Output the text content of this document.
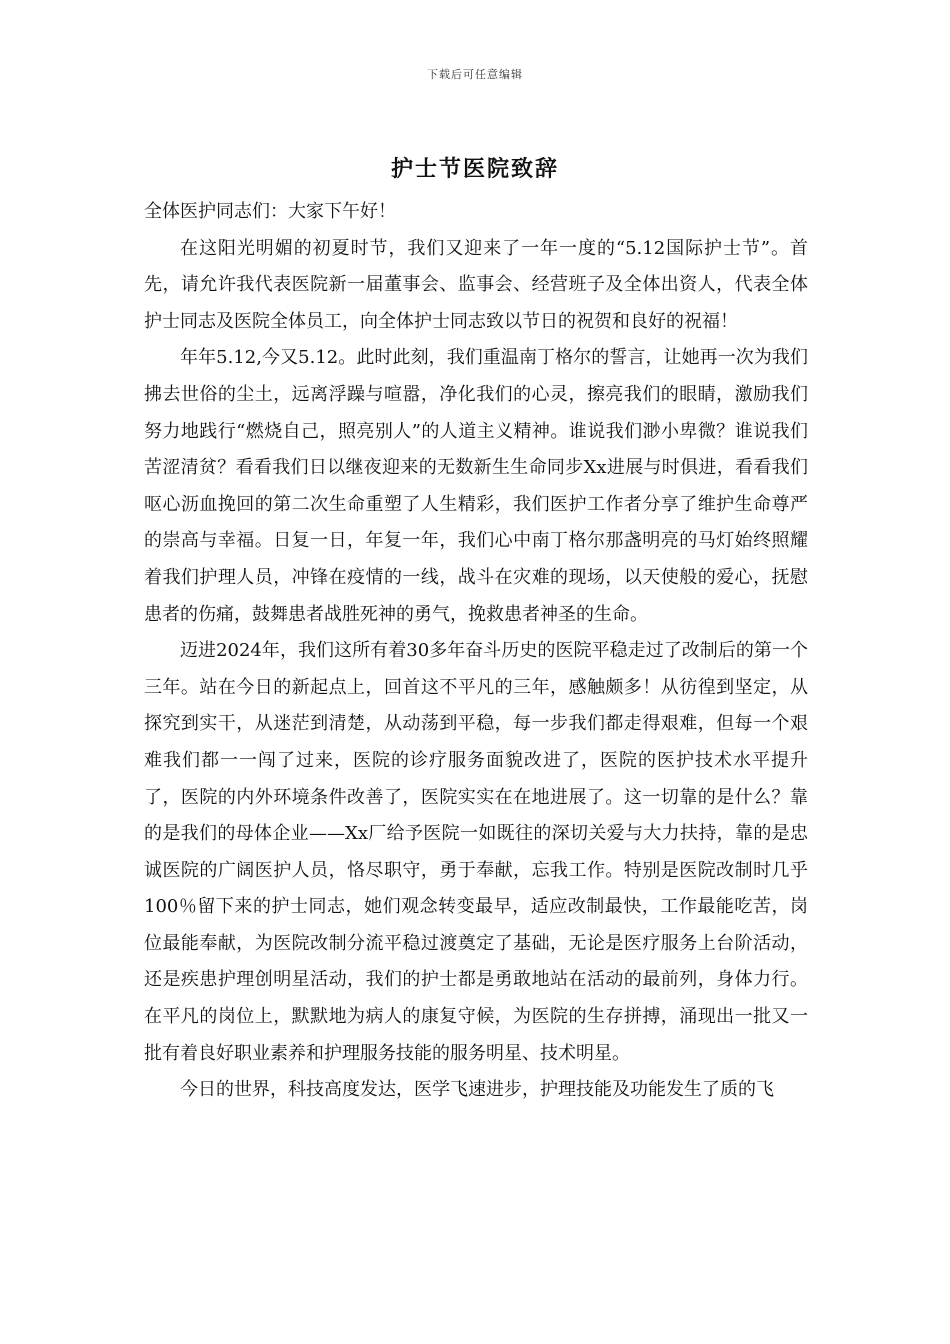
下载后可任意编辑
护士节医院致辞

全体医护同志们：大家下午好！

在这阳光明媚的初夏时节，我们又迎来了一年一度的“5.12国际护士节”。首先，请允许我代表医院新一届董事会、监事会、经营班子及全体出资人，代表全体护士同志及医院全体员工，向全体护士同志致以节日的祝贺和良好的祝福！

年年5.12,今又5.12。此时此刻，我们重温南丁格尔的誓言，让她再一次为我们拂去世俗的尘土，远离浮躁与喧嚣，净化我们的心灵，擦亮我们的眼睛，激励我们努力地践行“燃烧自己，照亮别人”的人道主义精神。谁说我们渺小卑微？谁说我们苦涩清贫？看看我们日以继夜迎来的无数新生生命同步Xx进展与时俱进，看看我们呕心沥血挽回的第二次生命重塑了人生精彩，我们医护工作者分享了维护生命尊严的崇高与幸福。日复一日，年复一年，我们心中南丁格尔那盏明亮的马灯始终照耀着我们护理人员，冲锋在疫情的一线，战斗在灾难的现场，以天使般的爱心，抚慰患者的伤痛，鼓舞患者战胜死神的勇气，挽救患者神圣的生命。

迈进2024年，我们这所有着30多年奋斗历史的医院平稳走过了改制后的第一个三年。站在今日的新起点上，回首这不平凡的三年，感触颇多！从彷徨到坚定，从探究到实干，从迷茫到清楚，从动荡到平稳，每一步我们都走得艰难，但每一个艰难我们都一一闯了过来，医院的诊疗服务面貌改进了，医院的医护技术水平提升了，医院的内外环境条件改善了，医院实实在在地进展了。这一切靠的是什么？靠的是我们的母体企业——Xx厂给予医院一如既往的深切关爱与大力扶持，靠的是忠诚医院的广阔医护人员，恪尽职守，勇于奉献，忘我工作。特别是医院改制时几乎100％留下来的护士同志，她们观念转变最早，适应改制最快，工作最能吃苦，岗位最能奉献，为医院改制分流平稳过渡奠定了基础，无论是医疗服务上台阶活动，还是疾患护理创明星活动，我们的护士都是勇敢地站在活动的最前列，身体力行。在平凡的岗位上，默默地为病人的康复守候，为医院的生存拼搏，涌现出一批又一批有着良好职业素养和护理服务技能的服务明星、技术明星。

今日的世界，科技高度发达，医学飞速进步，护理技能及功能发生了质的飞
